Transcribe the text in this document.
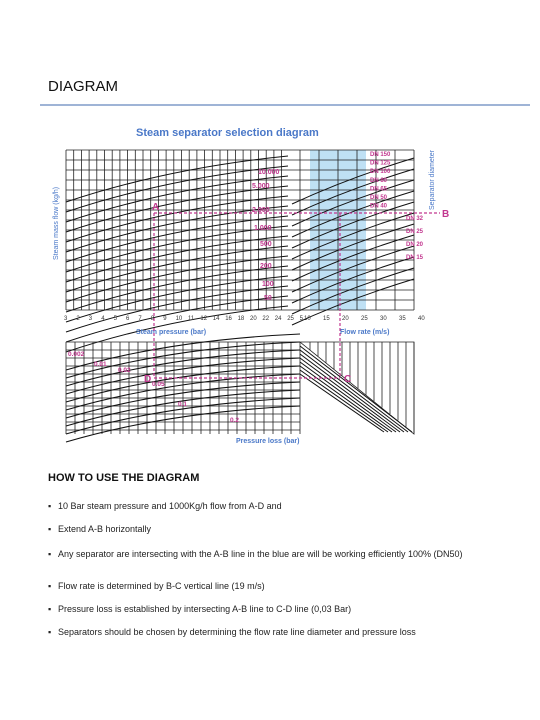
DIAGRAM
Steam separator selection diagram
Steam mass flow (kg/h)
Separator diameter
10.000
5.000
2.000
1.000
500
200
100
50
DN 150
DN 125
DN 100
DN 80
DN 65
DN 50
DN 40
DN 32
DN 25
DN 20
DN 15
3 2 3 4 5 6 7 8 9 10 11 12 14 16 18 20 22 24 25 5 10 15 20 25 30 35 40
Steam pressure (bar)	Flow rate (m/s)
0.002
0.01
0.02
0.05
0.1
0.2
Pressure loss (bar)
A
B
C
D
HOW TO USE THE DIAGRAM
▪ 10 Bar steam pressure and 1000Kg/h flow from A-D and
▪ Extend A-B horizontally
▪ Any separator are intersecting with the A-B line in the blue are will be working efficiently 100% (DN50)
▪ Flow rate is determined by B-C vertical line (19 m/s)
▪ Pressure loss is established by intersecting A-B line to C-D line (0,03 Bar)
▪ Separators should be chosen by determining the flow rate line diameter and pressure loss
